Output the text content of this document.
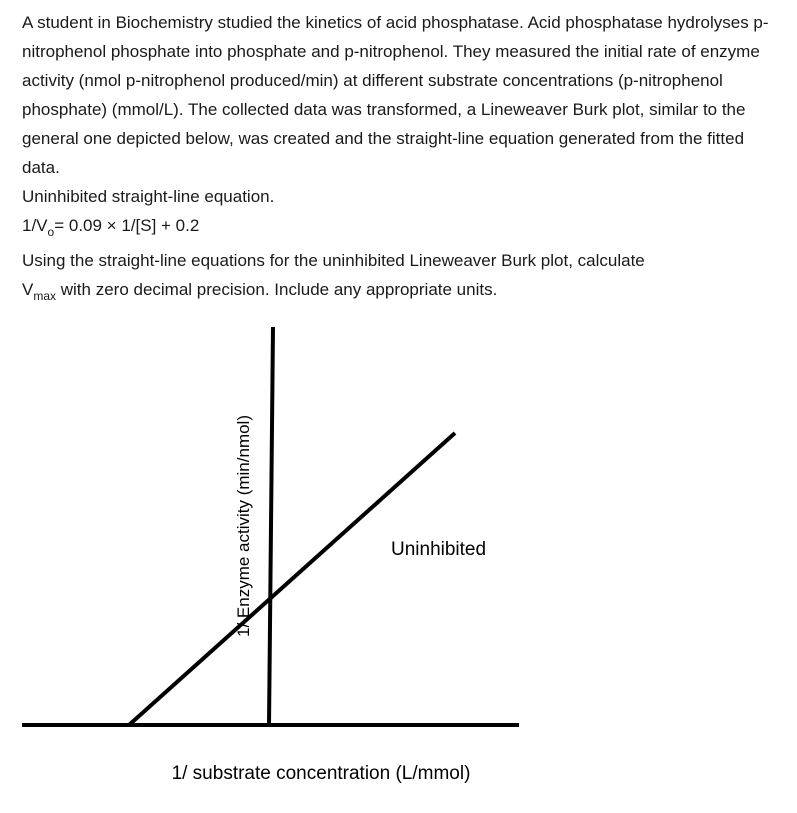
A student in Biochemistry studied the kinetics of acid phosphatase. Acid phosphatase hydrolyses p-nitrophenol phosphate into phosphate and p-nitrophenol. They measured the initial rate of enzyme activity (nmol p-nitrophenol produced/min) at different substrate concentrations (p-nitrophenol phosphate) (mmol/L). The collected data was transformed, a Lineweaver Burk plot, similar to the general one depicted below, was created and the straight-line equation generated from the fitted data.

Uninhibited straight-line equation.

$1/V_o= 0.09 \times 1/[S] + 0.2$

Using the straight-line equations for the uninhibited Lineweaver Burk plot, calculate
$V_{max}$ with zero decimal precision. Include any appropriate units.

Uninhibited
1/ Enzyme activity (min/nmol)
1/ substrate concentration (L/mmol)
